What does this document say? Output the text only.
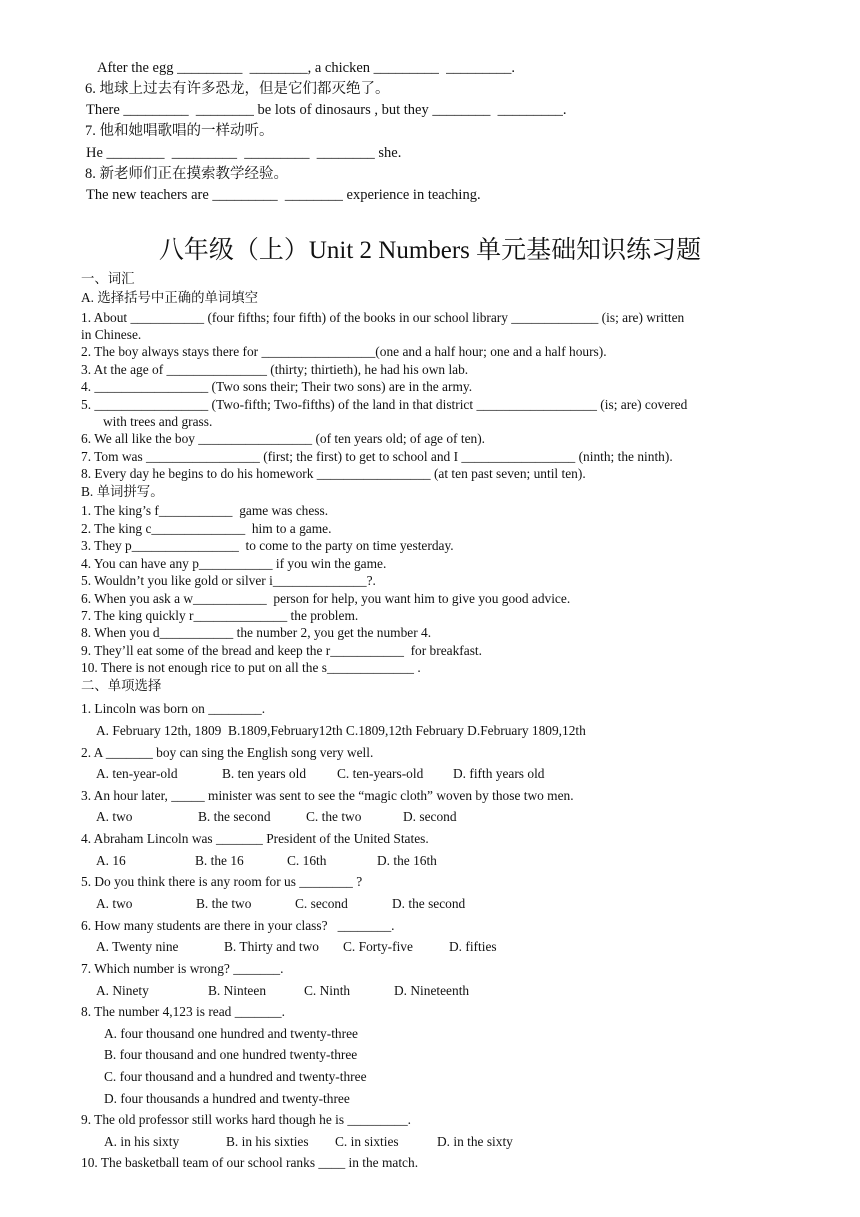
After the egg _________  ________, a chicken _________  _________.
6. 地球上过去有许多恐龙，但是它们都灭绝了。
There _________  ________ be lots of dinosaurs , but they ________  _________.
7. 他和她唱歌唱的一样动听。
He ________  _________  _________  ________ she.
8. 新老师们正在摸索教学经验。
The new teachers are _________  ________ experience in teaching.
八年级（上）Unit 2 Numbers 单元基础知识练习题
一、词汇
A. 选择括号中正确的单词填空
1. About ___________ (four fifths; four fifth) of the books in our school library _____________ (is; are) written
in Chinese.
2. The boy always stays there for _________________(one and a half hour; one and a half hours).
3. At the age of _______________ (thirty; thirtieth), he had his own lab.
4. _________________ (Two sons their; Their two sons) are in the army.
5. _________________ (Two-fifth; Two-fifths) of the land in that district __________________ (is; are) covered
with trees and grass.
6. We all like the boy _________________ (of ten years old; of age of ten).
7. Tom was _________________ (first; the first) to get to school and I _________________ (ninth; the ninth).
8. Every day he begins to do his homework _________________ (at ten past seven; until ten).
B. 单词拼写。
1. The king’s f___________  game was chess.
2. The king c______________  him to a game.
3. They p________________  to come to the party on time yesterday.
4. You can have any p___________ if you win the game.
5. Wouldn’t you like gold or silver i______________?.
6. When you ask a w___________  person for help, you want him to give you good advice.
7. The king quickly r______________ the problem.
8. When you d___________ the number 2, you get the number 4.
9. They’ll eat some of the bread and keep the r___________  for breakfast.
10. There is not enough rice to put on all the s_____________ .
二、单项选择
1. Lincoln was born on ________.
A. February 12th, 1809  B.1809,February12th C.1809,12th February D.February 1809,12th
2. A _______ boy can sing the English song very well.
A. ten-year-old	B. ten years old C. ten-years-old D. fifth years old
3. An hour later, _____ minister was sent to see the “magic cloth” woven by those two men.
A. two	B. the second	C. the two	D. second
4. Abraham Lincoln was _______ President of the United States.
A. 16	B. the 16	C. 16th	D. the 16th
5. Do you think there is any room for us ________ ?
A. two	B. the two	C. second	D. the second
6. How many students are there in your class?   ________.
A. Twenty nine	B. Thirty and two C. Forty-five	D. fifties
7. Which number is wrong? _______.
A. Ninety	B. Ninteen	C. Ninth	D. Nineteenth
8. The number 4,123 is read _______.
A. four thousand one hundred and twenty-three
B. four thousand and one hundred twenty-three
C. four thousand and a hundred and twenty-three
D. four thousands a hundred and twenty-three
9. The old professor still works hard though he is _________.
A. in his sixty	B. in his sixties C. in sixties	D. in the sixty
10. The basketball team of our school ranks ____ in the match.
